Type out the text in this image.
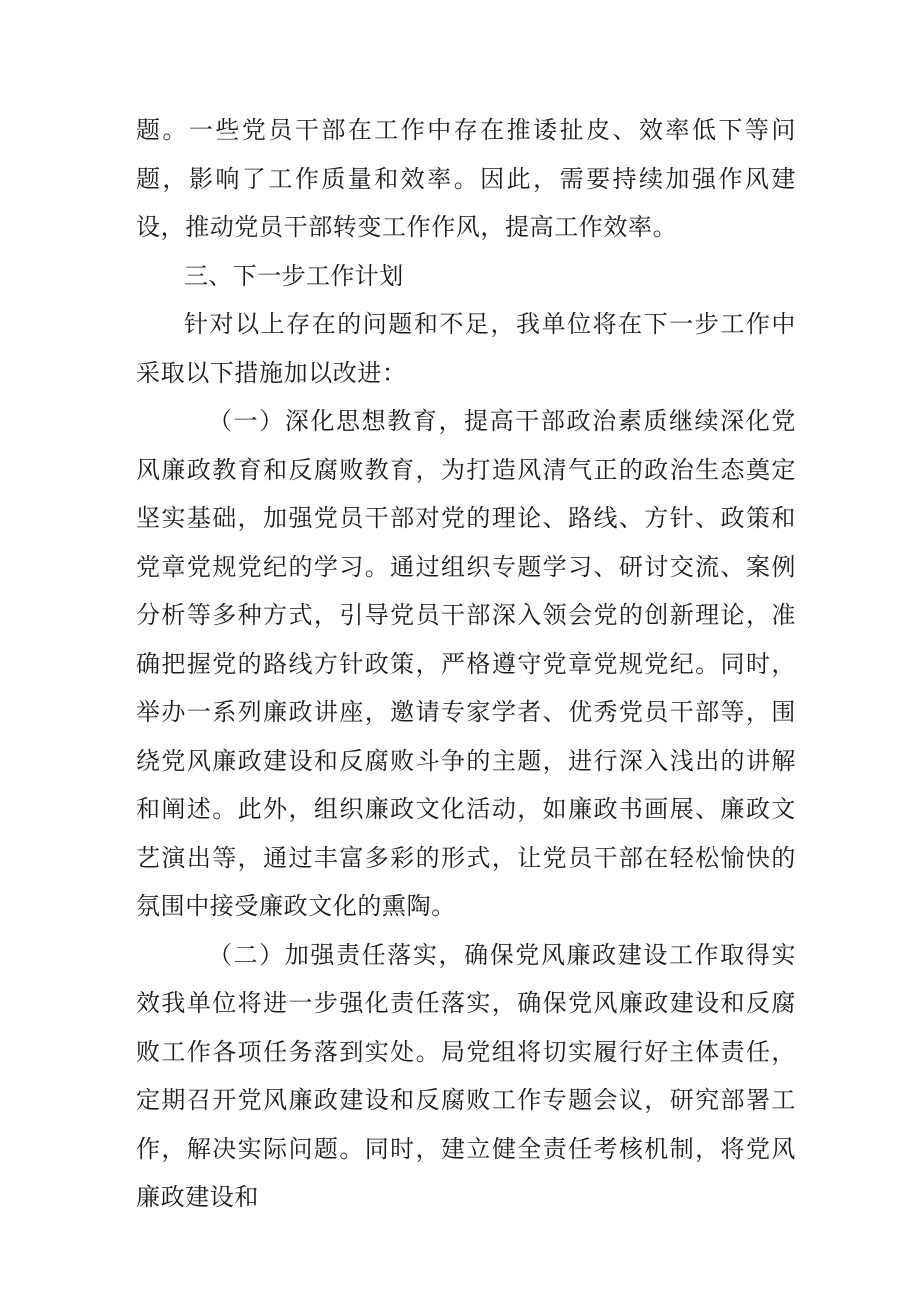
题。一些党员干部在工作中存在推诿扯皮、效率低下等问题，影响了工作质量和效率。因此，需要持续加强作风建设，推动党员干部转变工作作风，提高工作效率。

三、下一步工作计划

针对以上存在的问题和不足，我单位将在下一步工作中采取以下措施加以改进：

（一）深化思想教育，提高干部政治素质继续深化党风廉政教育和反腐败教育，为打造风清气正的政治生态奠定坚实基础，加强党员干部对党的理论、路线、方针、政策和党章党规党纪的学习。通过组织专题学习、研讨交流、案例分析等多种方式，引导党员干部深入领会党的创新理论，准确把握党的路线方针政策，严格遵守党章党规党纪。同时，举办一系列廉政讲座，邀请专家学者、优秀党员干部等，围绕党风廉政建设和反腐败斗争的主题，进行深入浅出的讲解和阐述。此外，组织廉政文化活动，如廉政书画展、廉政文艺演出等，通过丰富多彩的形式，让党员干部在轻松愉快的氛围中接受廉政文化的熏陶。

（二）加强责任落实，确保党风廉政建设工作取得实效我单位将进一步强化责任落实，确保党风廉政建设和反腐败工作各项任务落到实处。局党组将切实履行好主体责任，定期召开党风廉政建设和反腐败工作专题会议，研究部署工作，解决实际问题。同时，建立健全责任考核机制，将党风廉政建设和
